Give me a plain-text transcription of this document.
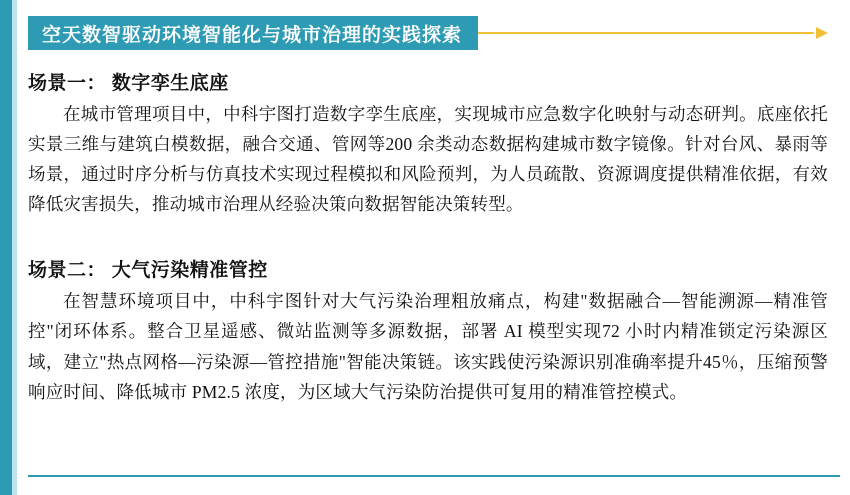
空天数智驱动环境智能化与城市治理的实践探索
场景一： 数字孪生底座
在城市管理项目中，中科宇图打造数字孪生底座，实现城市应急数字化映射与动态研判。底座依托实景三维与建筑白模数据，融合交通、管网等200 余类动态数据构建城市数字镜像。针对台风、暴雨等场景，通过时序分析与仿真技术实现过程模拟和风险预判，为人员疏散、资源调度提供精准依据，有效降低灾害损失，推动城市治理从经验决策向数据智能决策转型。
场景二： 大气污染精准管控
在智慧环境项目中，中科宇图针对大气污染治理粗放痛点，构建"数据融合—智能溯源—精准管控"闭环体系。整合卫星遥感、微站监测等多源数据，部署 AI 模型实现72 小时内精准锁定污染源区域，建立"热点网格—污染源—管控措施"智能决策链。该实践使污染源识别准确率提升45％，压缩预警响应时间、降低城市 PM2.5 浓度，为区域大气污染防治提供可复用的精准管控模式。
